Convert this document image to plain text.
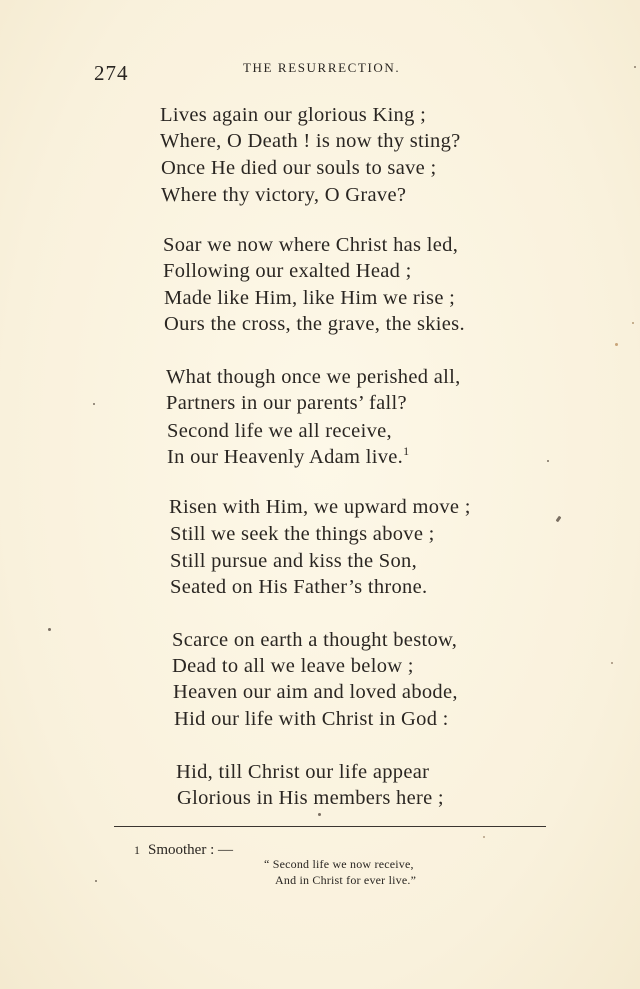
274	THE RESURRECTION.
Lives again our glorious King ;
Where, O Death ! is now thy sting?
Once He died our souls to save ;
Where thy victory, O Grave?
Soar we now where Christ has led,
Following our exalted Head ;
Made like Him, like Him we rise ;
Ours the cross, the grave, the skies.
What though once we perished all,
Partners in our parents’ fall?
Second life we all receive,
In our Heavenly Adam live.$^1$
Risen with Him, we upward move ;
Still we seek the things above ;
Still pursue and kiss the Son,
Seated on His Father’s throne.
Scarce on earth a thought bestow,
Dead to all we leave below ;
Heaven our aim and loved abode,
Hid our life with Christ in God :
Hid, till Christ our life appear
Glorious in His members here ;
1 Smoother : —
“ Second life we now receive,
And in Christ for ever live.”
